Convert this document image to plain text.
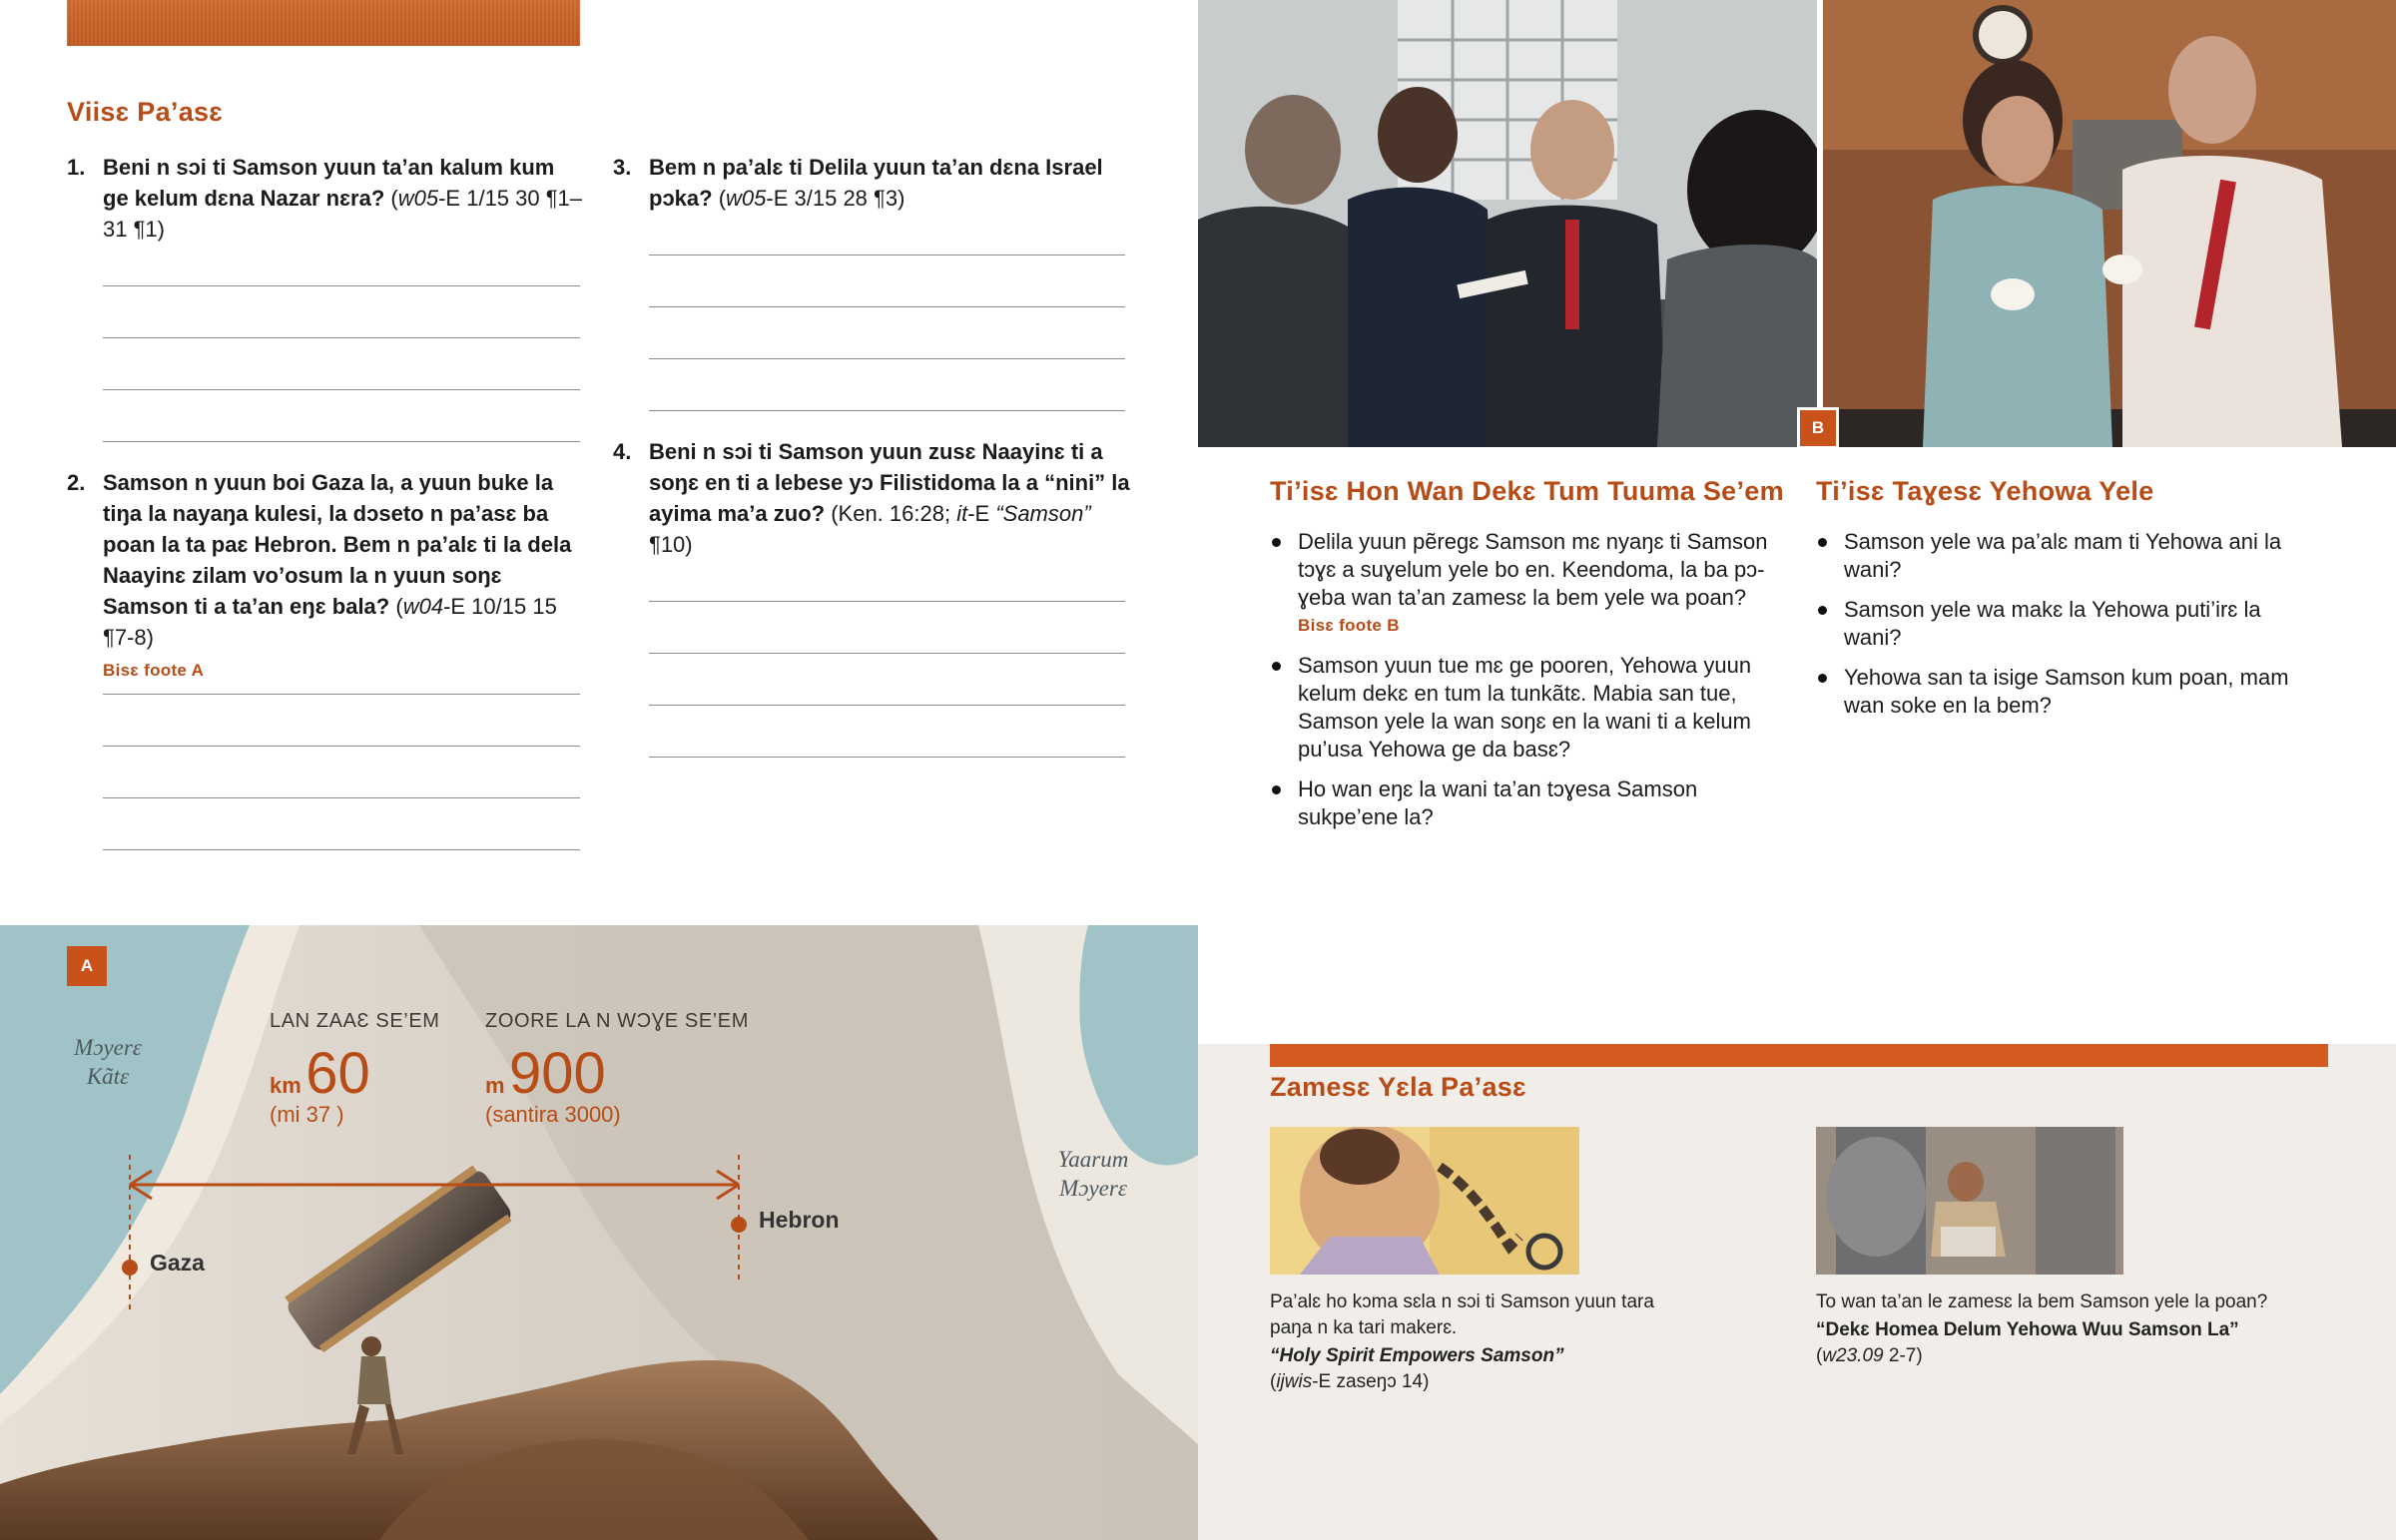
Viisɛ Pa’asɛ
1. Beni n sɔi ti Samson yuun ta’an kalum kum ge kelum dɛna Nazar nɛra? (w05-E 1/15 30 ¶1–31 ¶1)
2. Samson n yuun boi Gaza la, a yuun buke la tiŋa la nayaŋa kulesi, la dɔseto n pa’asɛ ba poan la ta paɛ Hebron. Bem n pa’alɛ ti la dela Naayinɛ zilam vo’osum la n yuun soŋɛ Samson ti a ta’an eŋɛ bala? (w04-E 10/15 15 ¶7-8)
Bisɛ foote A
3. Bem n pa’alɛ ti Delila yuun ta’an dɛna Israel pɔka? (w05-E 3/15 28 ¶3)
4. Beni n sɔi ti Samson yuun zusɛ Naayinɛ ti a soŋɛ en ti a lebese yɔ Filistidoma la a “nini” la ayima ma’a zuo? (Ken. 16:28; it-E “Samson” ¶10)
A
LAN ZAAƐ SE’EM
km 60
(mi 37 )
ZOORE LA N WƆƔE SE’EM
m 900
(santira 3000)
Gaza
Hebron
Mɔyerɛ
Kãtɛ
Yaarum
Mɔyerɛ
B
Ti’isɛ Hon Wan Dekɛ Tum Tuuma Se’em
Delila yuun pẽregɛ Samson mɛ nyaŋɛ ti Samson tɔɣɛ a suɣelum yele bo en. Keendoma, la ba pɔ-ɣeba wan ta’an zamesɛ la bem yele wa poan?
Bisɛ foote B
Samson yuun tue mɛ ge pooren, Yehowa yuun kelum dekɛ en tum la tunkãtɛ. Mabia san tue, Samson yele la wan soŋɛ en la wani ti a kelum pu’usa Yehowa ge da basɛ?
Ho wan eŋɛ la wani ta’an tɔɣesa Samson sukpe’ene la?
Ti’isɛ Taɣesɛ Yehowa Yele
Samson yele wa pa’alɛ mam ti Yehowa ani la wani?
Samson yele wa makɛ la Yehowa puti’irɛ la wani?
Yehowa san ta isige Samson kum poan, mam wan soke en la bem?
Zamesɛ Yɛla Pa’asɛ
Pa’alɛ ho kɔma sɛla n sɔi ti Samson yuun tara paŋa n ka tari makerɛ.
“Holy Spirit Empowers Samson”
(ijwis-E zaseŋɔ 14)
To wan ta’an le zamesɛ la bem Samson yele la poan?
“Dekɛ Homea Delum Yehowa Wuu Samson La”
(w23.09 2-7)
